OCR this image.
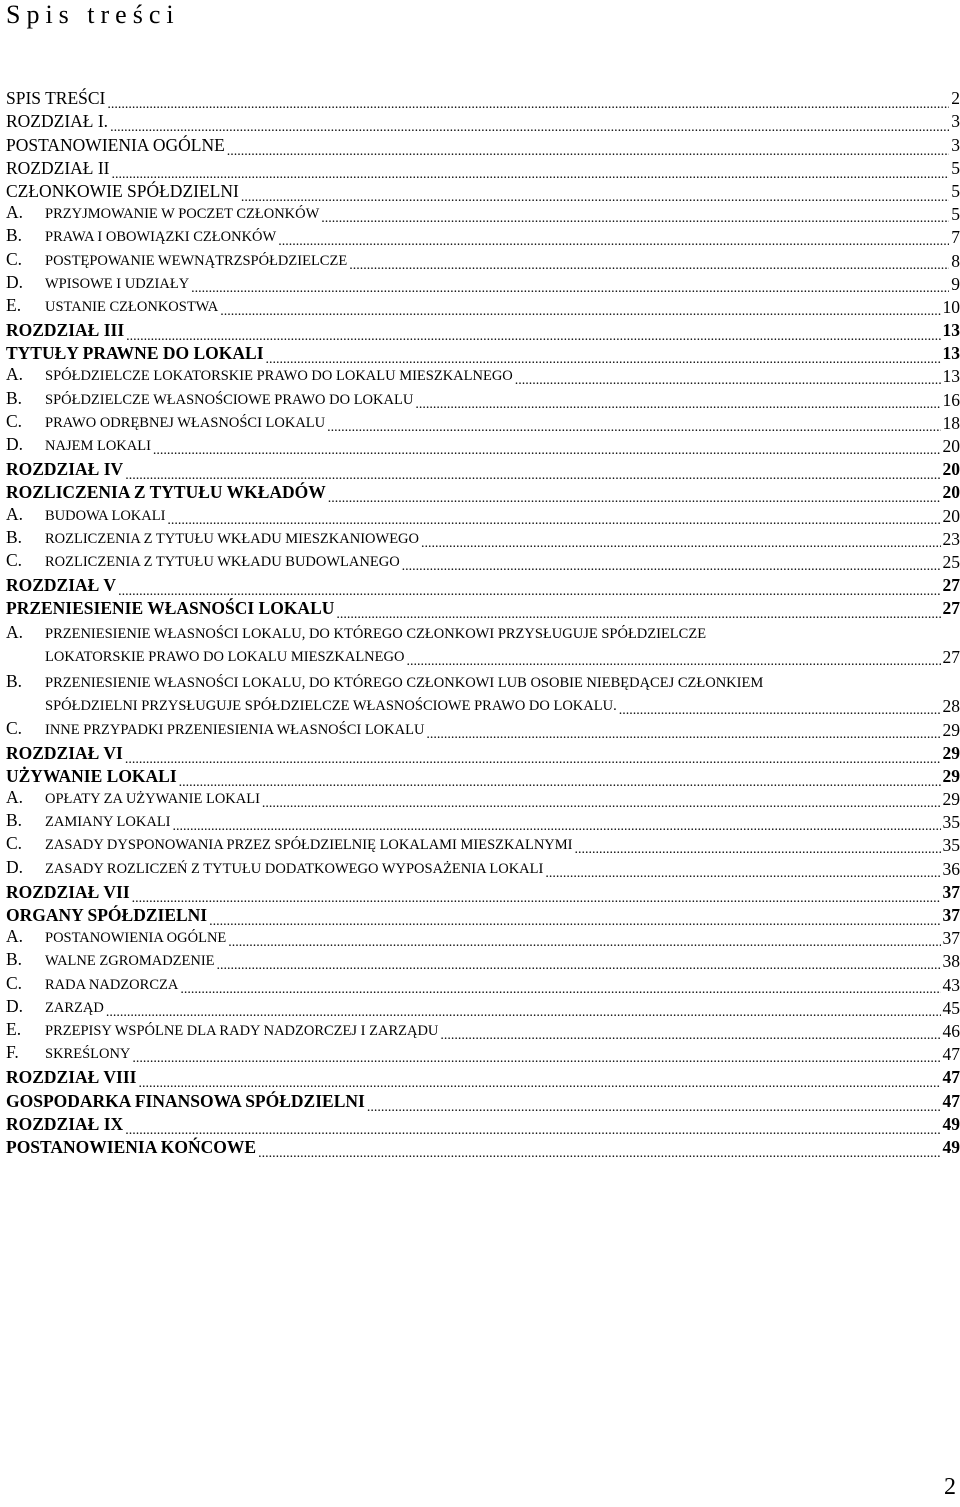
Spis treści
SPIS TREŚCI .....	2
ROZDZIAŁ I. .....	3
POSTANOWIENIA OGÓLNE .....	3
ROZDZIAŁ II .....	5
CZŁONKOWIE SPÓŁDZIELNI .....	5
A. PRZYJMOWANIE W POCZET CZŁONKÓW .....	5
B. PRAWA I OBOWIĄZKI CZŁONKÓW .....	7
C. POSTĘPOWANIE WEWNĄTRZSPÓŁDZIELCZE .....	8
D. WPISOWE I UDZIAŁY .....	9
E. USTANIE CZŁONKOSTWA .....	10
ROZDZIAŁ III .....	13
TYTUŁY PRAWNE DO LOKALI .....	13
A. SPÓŁDZIELCZE LOKATORSKIE PRAWO DO LOKALU MIESZKALNEGO .....	13
B. SPÓŁDZIELCZE WŁASNOŚCIOWE PRAWO DO LOKALU .....	16
C. PRAWO ODRĘBNEJ WŁASNOŚCI LOKALU .....	18
D. NAJEM LOKALI .....	20
ROZDZIAŁ IV .....	20
ROZLICZENIA Z TYTUŁU WKŁADÓW .....	20
A. BUDOWA LOKALI .....	20
B. ROZLICZENIA Z TYTUŁU WKŁADU MIESZKANIOWEGO .....	23
C. ROZLICZENIA Z TYTUŁU WKŁADU BUDOWLANEGO .....	25
ROZDZIAŁ V .....	27
PRZENIESIENIE WŁASNOŚCI LOKALU .....	27
A. PRZENIESIENIE WŁASNOŚCI LOKALU, DO KTÓREGO CZŁONKOWI PRZYSŁUGUJE SPÓŁDZIELCZE
LOKATORSKIE PRAWO DO LOKALU MIESZKALNEGO .....	27
B. PRZENIESIENIE WŁASNOŚCI LOKALU, DO KTÓREGO CZŁONKOWI LUB OSOBIE NIEBĘDĄCEJ CZŁONKIEM
SPÓŁDZIELNI PRZYSŁUGUJE SPÓŁDZIELCZE WŁASNOŚCIOWE PRAWO DO LOKALU. .....	28
C. INNE PRZYPADKI PRZENIESIENIA WŁASNOŚCI LOKALU .....	29
ROZDZIAŁ VI .....	29
UŻYWANIE LOKALI .....	29
A. OPŁATY ZA UŻYWANIE LOKALI .....	29
B. ZAMIANY LOKALI .....	35
C. ZASADY DYSPONOWANIA PRZEZ SPÓŁDZIELNIĘ LOKALAMI MIESZKALNYMI .....	35
D. ZASADY ROZLICZEŃ Z TYTUŁU DODATKOWEGO WYPOSAŻENIA LOKALI .....	36
ROZDZIAŁ VII .....	37
ORGANY SPÓŁDZIELNI .....	37
A. POSTANOWIENIA OGÓLNE .....	37
B. WALNE ZGROMADZENIE .....	38
C. RADA NADZORCZA .....	43
D. ZARZĄD .....	45
E. PRZEPISY WSPÓLNE DLA RADY NADZORCZEJ I ZARZĄDU .....	46
F. SKREŚLONY .....	47
ROZDZIAŁ VIII .....	47
GOSPODARKA FINANSOWA SPÓŁDZIELNI .....	47
ROZDZIAŁ IX .....	49
POSTANOWIENIA KOŃCOWE .....	49
2
